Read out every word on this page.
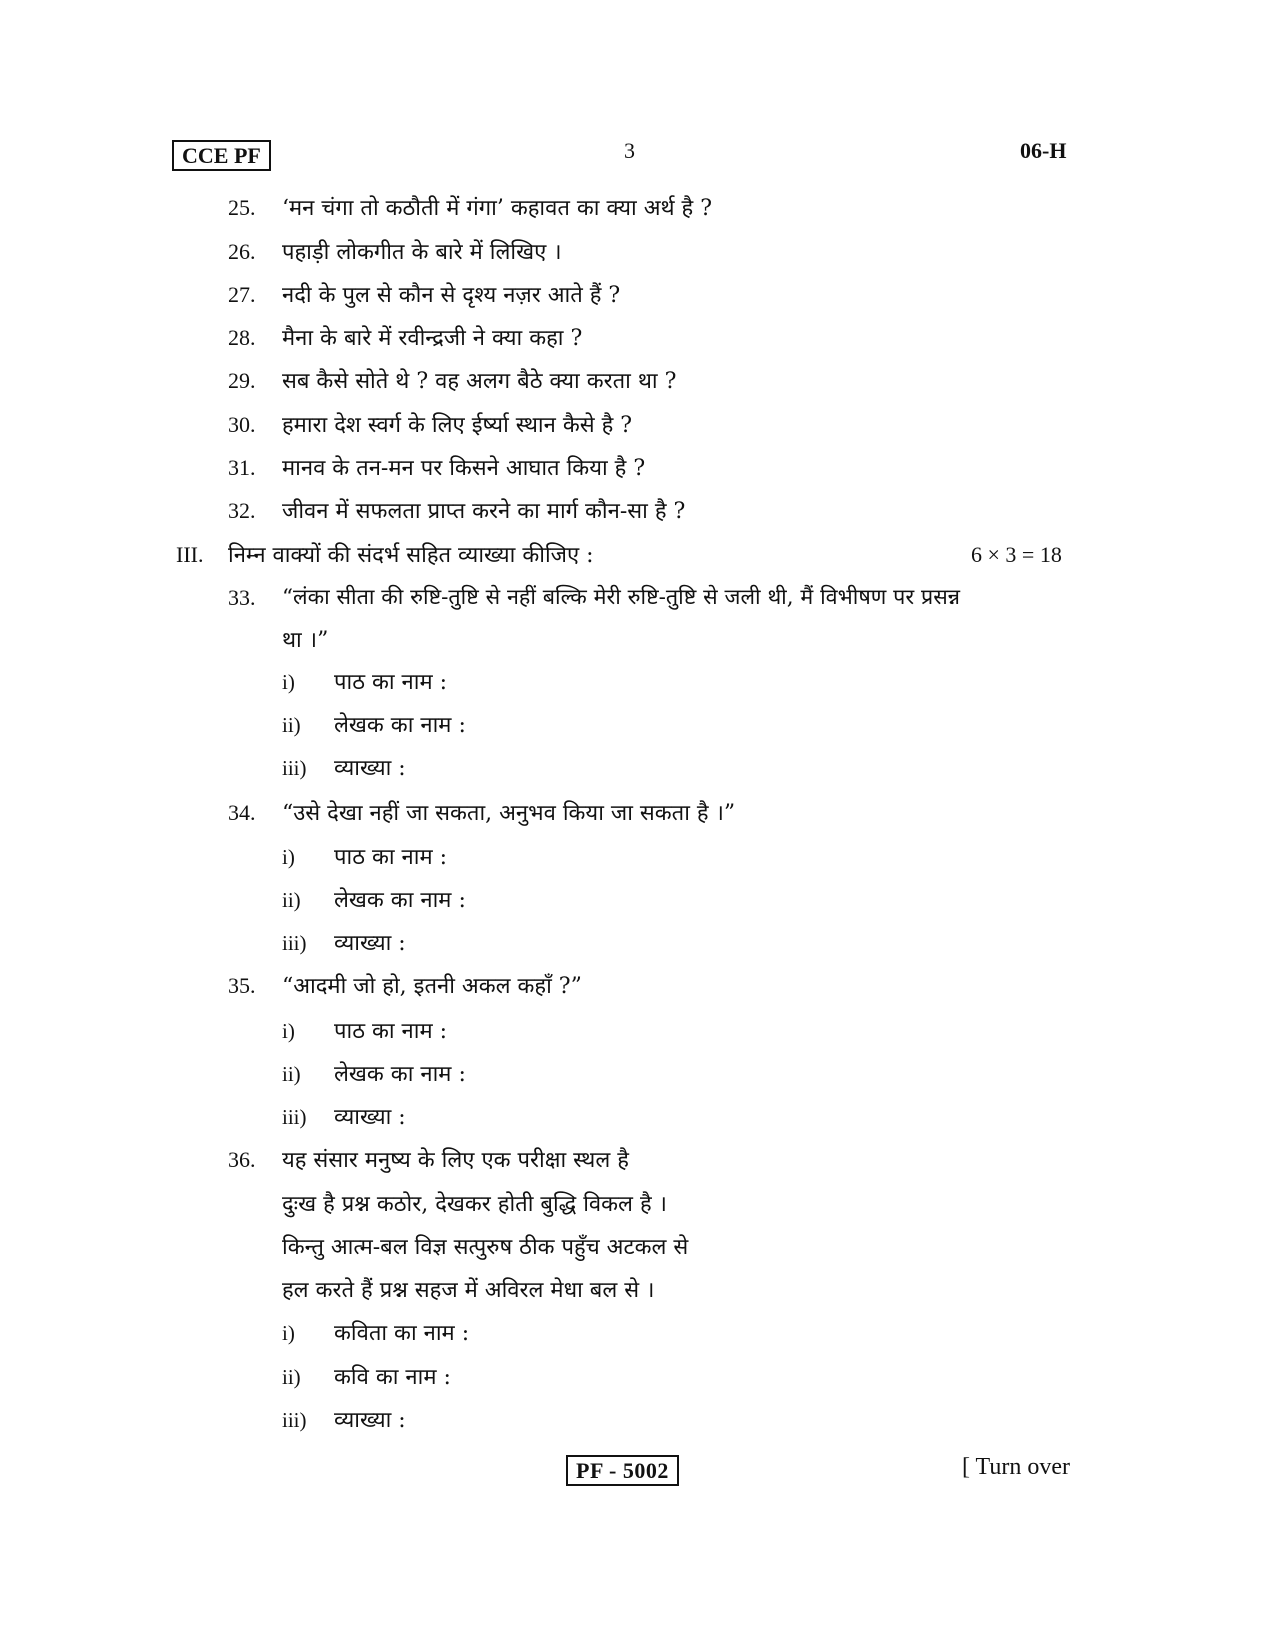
CCE PF	3	06-H
25. ‘मन चंगा तो कठौती में गंगा’ कहावत का क्या अर्थ है ?
26. पहाड़ी लोकगीत के बारे में लिखिए ।
27. नदी के पुल से कौन से दृश्य नज़र आते हैं ?
28. मैना के बारे में रवीन्द्रजी ने क्या कहा ?
29. सब कैसे सोते थे ? वह अलग बैठे क्या करता था ?
30. हमारा देश स्वर्ग के लिए ईर्ष्या स्थान कैसे है ?
31. मानव के तन-मन पर किसने आघात किया है ?
32. जीवन में सफलता प्राप्त करने का मार्ग कौन-सा है ?
III. निम्न वाक्यों की संदर्भ सहित व्याख्या कीजिए :	6 × 3 = 18
33. “लंका सीता की रुष्टि-तुष्टि से नहीं बल्कि मेरी रुष्टि-तुष्टि से जली थी, मैं विभीषण पर प्रसन्न
था ।”
i) पाठ का नाम :
ii) लेखक का नाम :
iii) व्याख्या :
34. “उसे देखा नहीं जा सकता, अनुभव किया जा सकता है ।”
i) पाठ का नाम :
ii) लेखक का नाम :
iii) व्याख्या :
35. “आदमी जो हो, इतनी अकल कहाँ ?”
i) पाठ का नाम :
ii) लेखक का नाम :
iii) व्याख्या :
36. यह संसार मनुष्य के लिए एक परीक्षा स्थल है
दुःख है प्रश्न कठोर, देखकर होती बुद्धि विकल है ।
किन्तु आत्म-बल विज्ञ सत्पुरुष ठीक पहुँच अटकल से
हल करते हैं प्रश्न सहज में अविरल मेधा बल से ।
i) कविता का नाम :
ii) कवि का नाम :
iii) व्याख्या :
PF - 5002	[ Turn over
